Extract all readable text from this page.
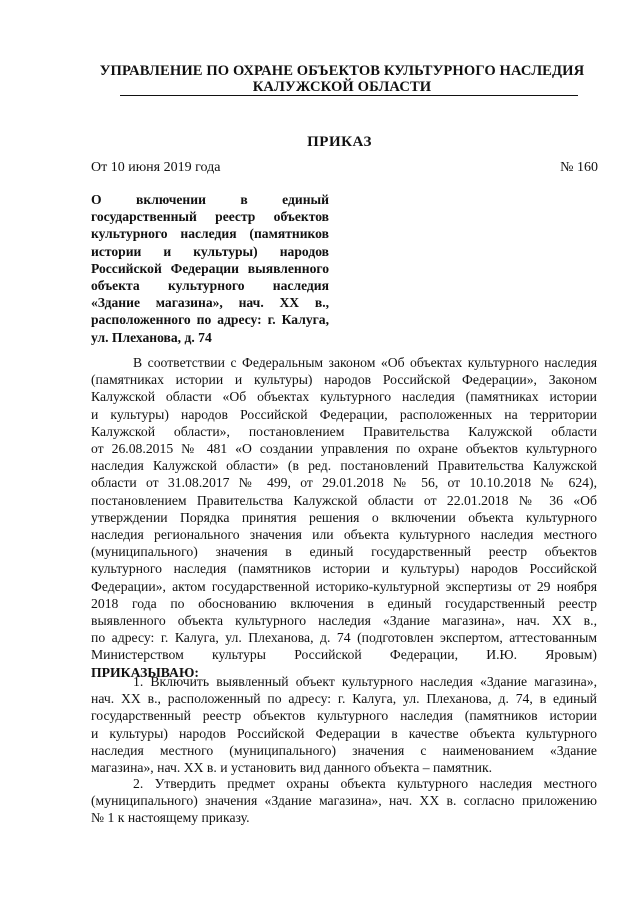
УПРАВЛЕНИЕ ПО ОХРАНЕ ОБЪЕКТОВ КУЛЬТУРНОГО НАСЛЕДИЯ
КАЛУЖСКОЙ ОБЛАСТИ
ПРИКАЗ
От 10 июня 2019 года	№ 160
О включении в единый
государственный реестр объектов
культурного наследия (памятников
истории и культуры) народов
Российской Федерации выявленного
объекта культурного наследия
«Здание магазина», нач. XX в.,
расположенного по адресу: г. Калуга,
ул. Плеханова, д. 74
В соответствии с Федеральным законом «Об объектах культурного наследия
(памятниках истории и культуры) народов Российской Федерации», Законом
Калужской области «Об объектах культурного наследия (памятниках истории
и культуры) народов Российской Федерации, расположенных на территории
Калужской области», постановлением Правительства Калужской области
от 26.08.2015 № 481 «О создании управления по охране объектов культурного
наследия Калужской области» (в ред. постановлений Правительства Калужской
области от 31.08.2017 № 499, от 29.01.2018 № 56, от 10.10.2018 № 624),
постановлением Правительства Калужской области от 22.01.2018 № 36 «Об
утверждении Порядка принятия решения о включении объекта культурного
наследия регионального значения или объекта культурного наследия местного
(муниципального) значения в единый государственный реестр объектов
культурного наследия (памятников истории и культуры) народов Российской
Федерации», актом государственной историко-культурной экспертизы от 29 ноября
2018 года по обоснованию включения в единый государственный реестр
выявленного объекта культурного наследия «Здание магазина», нач. XX в.,
по адресу: г. Калуга, ул. Плеханова, д. 74 (подготовлен экспертом, аттестованным
Министерством культуры Российской Федерации, И.Ю. Яровым)
ПРИКАЗЫВАЮ:
1. Включить выявленный объект культурного наследия «Здание магазина»,
нач. XX в., расположенный по адресу: г. Калуга, ул. Плеханова, д. 74, в единый
государственный реестр объектов культурного наследия (памятников истории
и культуры) народов Российской Федерации в качестве объекта культурного
наследия местного (муниципального) значения с наименованием «Здание
магазина», нач. XX в. и установить вид данного объекта – памятник.
2. Утвердить предмет охраны объекта культурного наследия местного
(муниципального) значения «Здание магазина», нач. XX в. согласно приложению
№ 1 к настоящему приказу.
